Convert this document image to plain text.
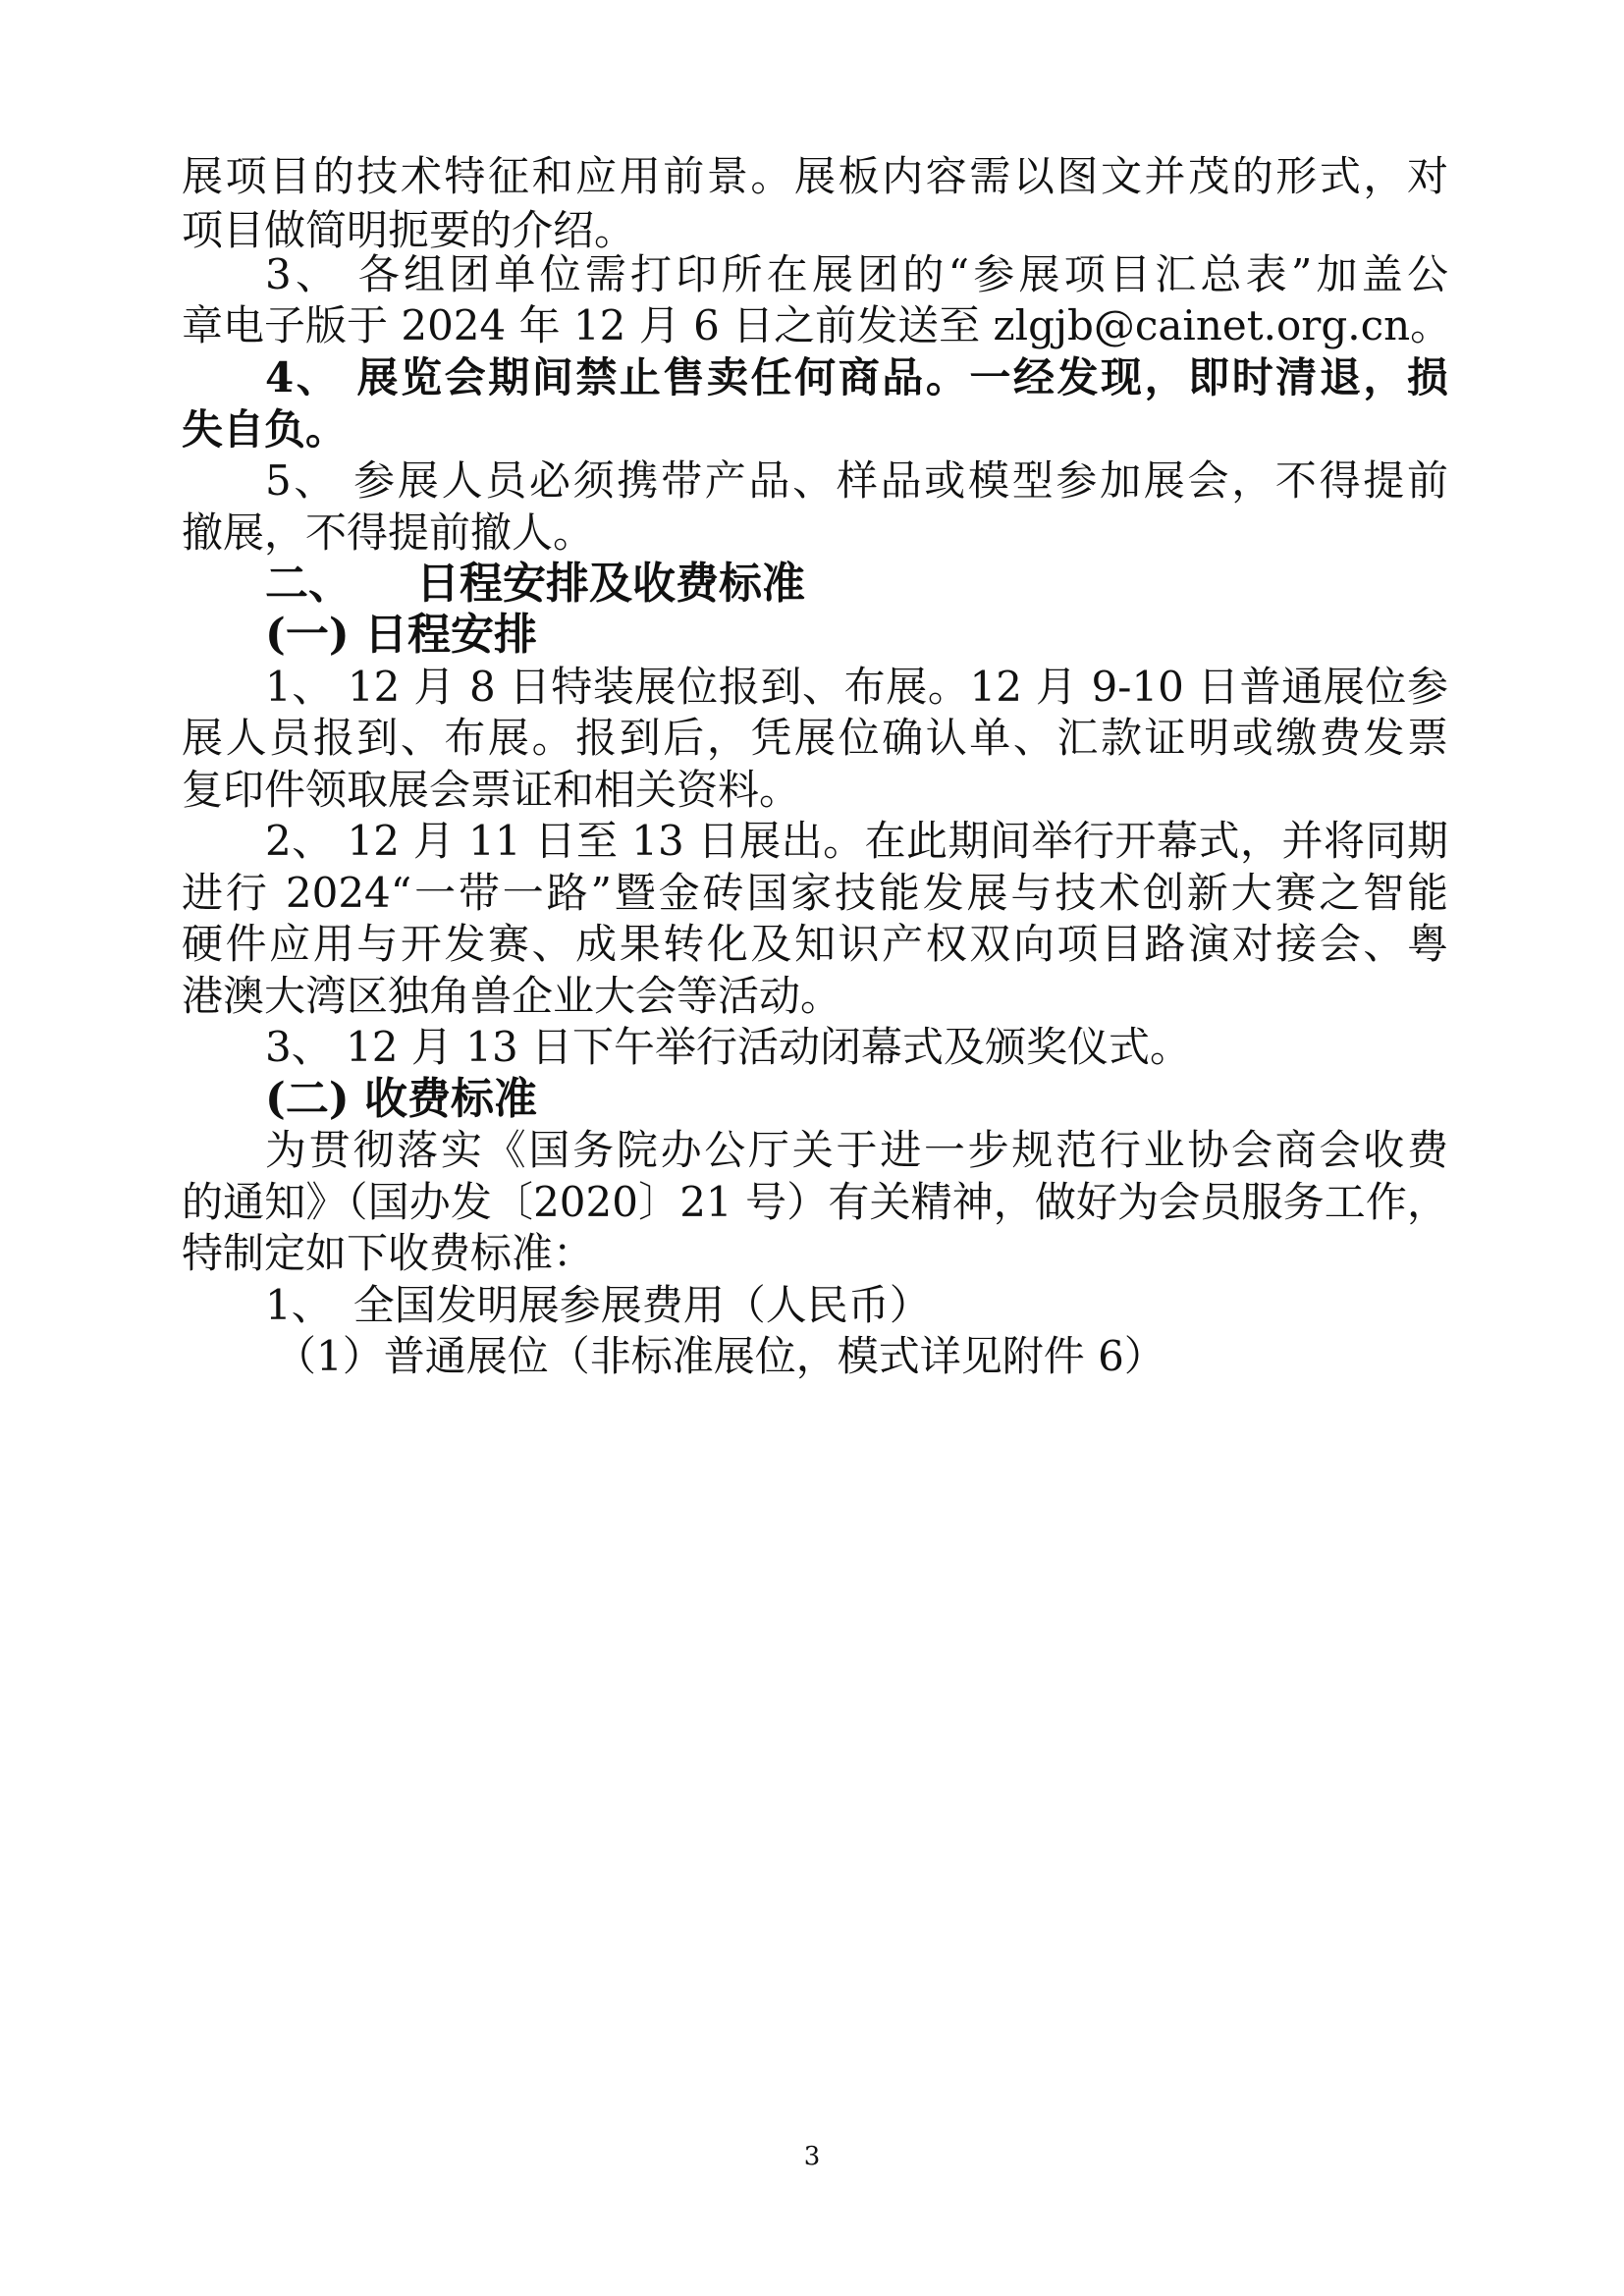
展项目的技术特征和应用前景。展板内容需以图文并茂的形式，对
项目做简明扼要的介绍。
3、 各组团单位需打印所在展团的“参展项目汇总表”加盖公
章电子版于 2024 年 12 月 6 日之前发送至 zlgjb@cainet.org.cn。
4、 展览会期间禁止售卖任何商品。一经发现，即时清退，损
失自负。
5、 参展人员必须携带产品、样品或模型参加展会，不得提前
撤展，不得提前撤人。
二、　　日程安排及收费标准
(一) 日程安排
1、 12 月 8 日特装展位报到、布展。12 月 9-10 日普通展位参
展人员报到、布展。报到后，凭展位确认单、汇款证明或缴费发票
复印件领取展会票证和相关资料。
2、 12 月 11 日至 13 日展出。在此期间举行开幕式，并将同期
进行 2024“一带一路”暨金砖国家技能发展与技术创新大赛之智能
硬件应用与开发赛、成果转化及知识产权双向项目路演对接会、粤
港澳大湾区独角兽企业大会等活动。
3、 12 月 13 日下午举行活动闭幕式及颁奖仪式。
(二) 收费标准
为贯彻落实《国务院办公厅关于进一步规范行业协会商会收费
的通知》（国办发〔2020〕21 号）有关精神，做好为会员服务工作，
特制定如下收费标准：
1、　全国发明展参展费用（人民币）
（1）普通展位（非标准展位，模式详见附件 6）
3
